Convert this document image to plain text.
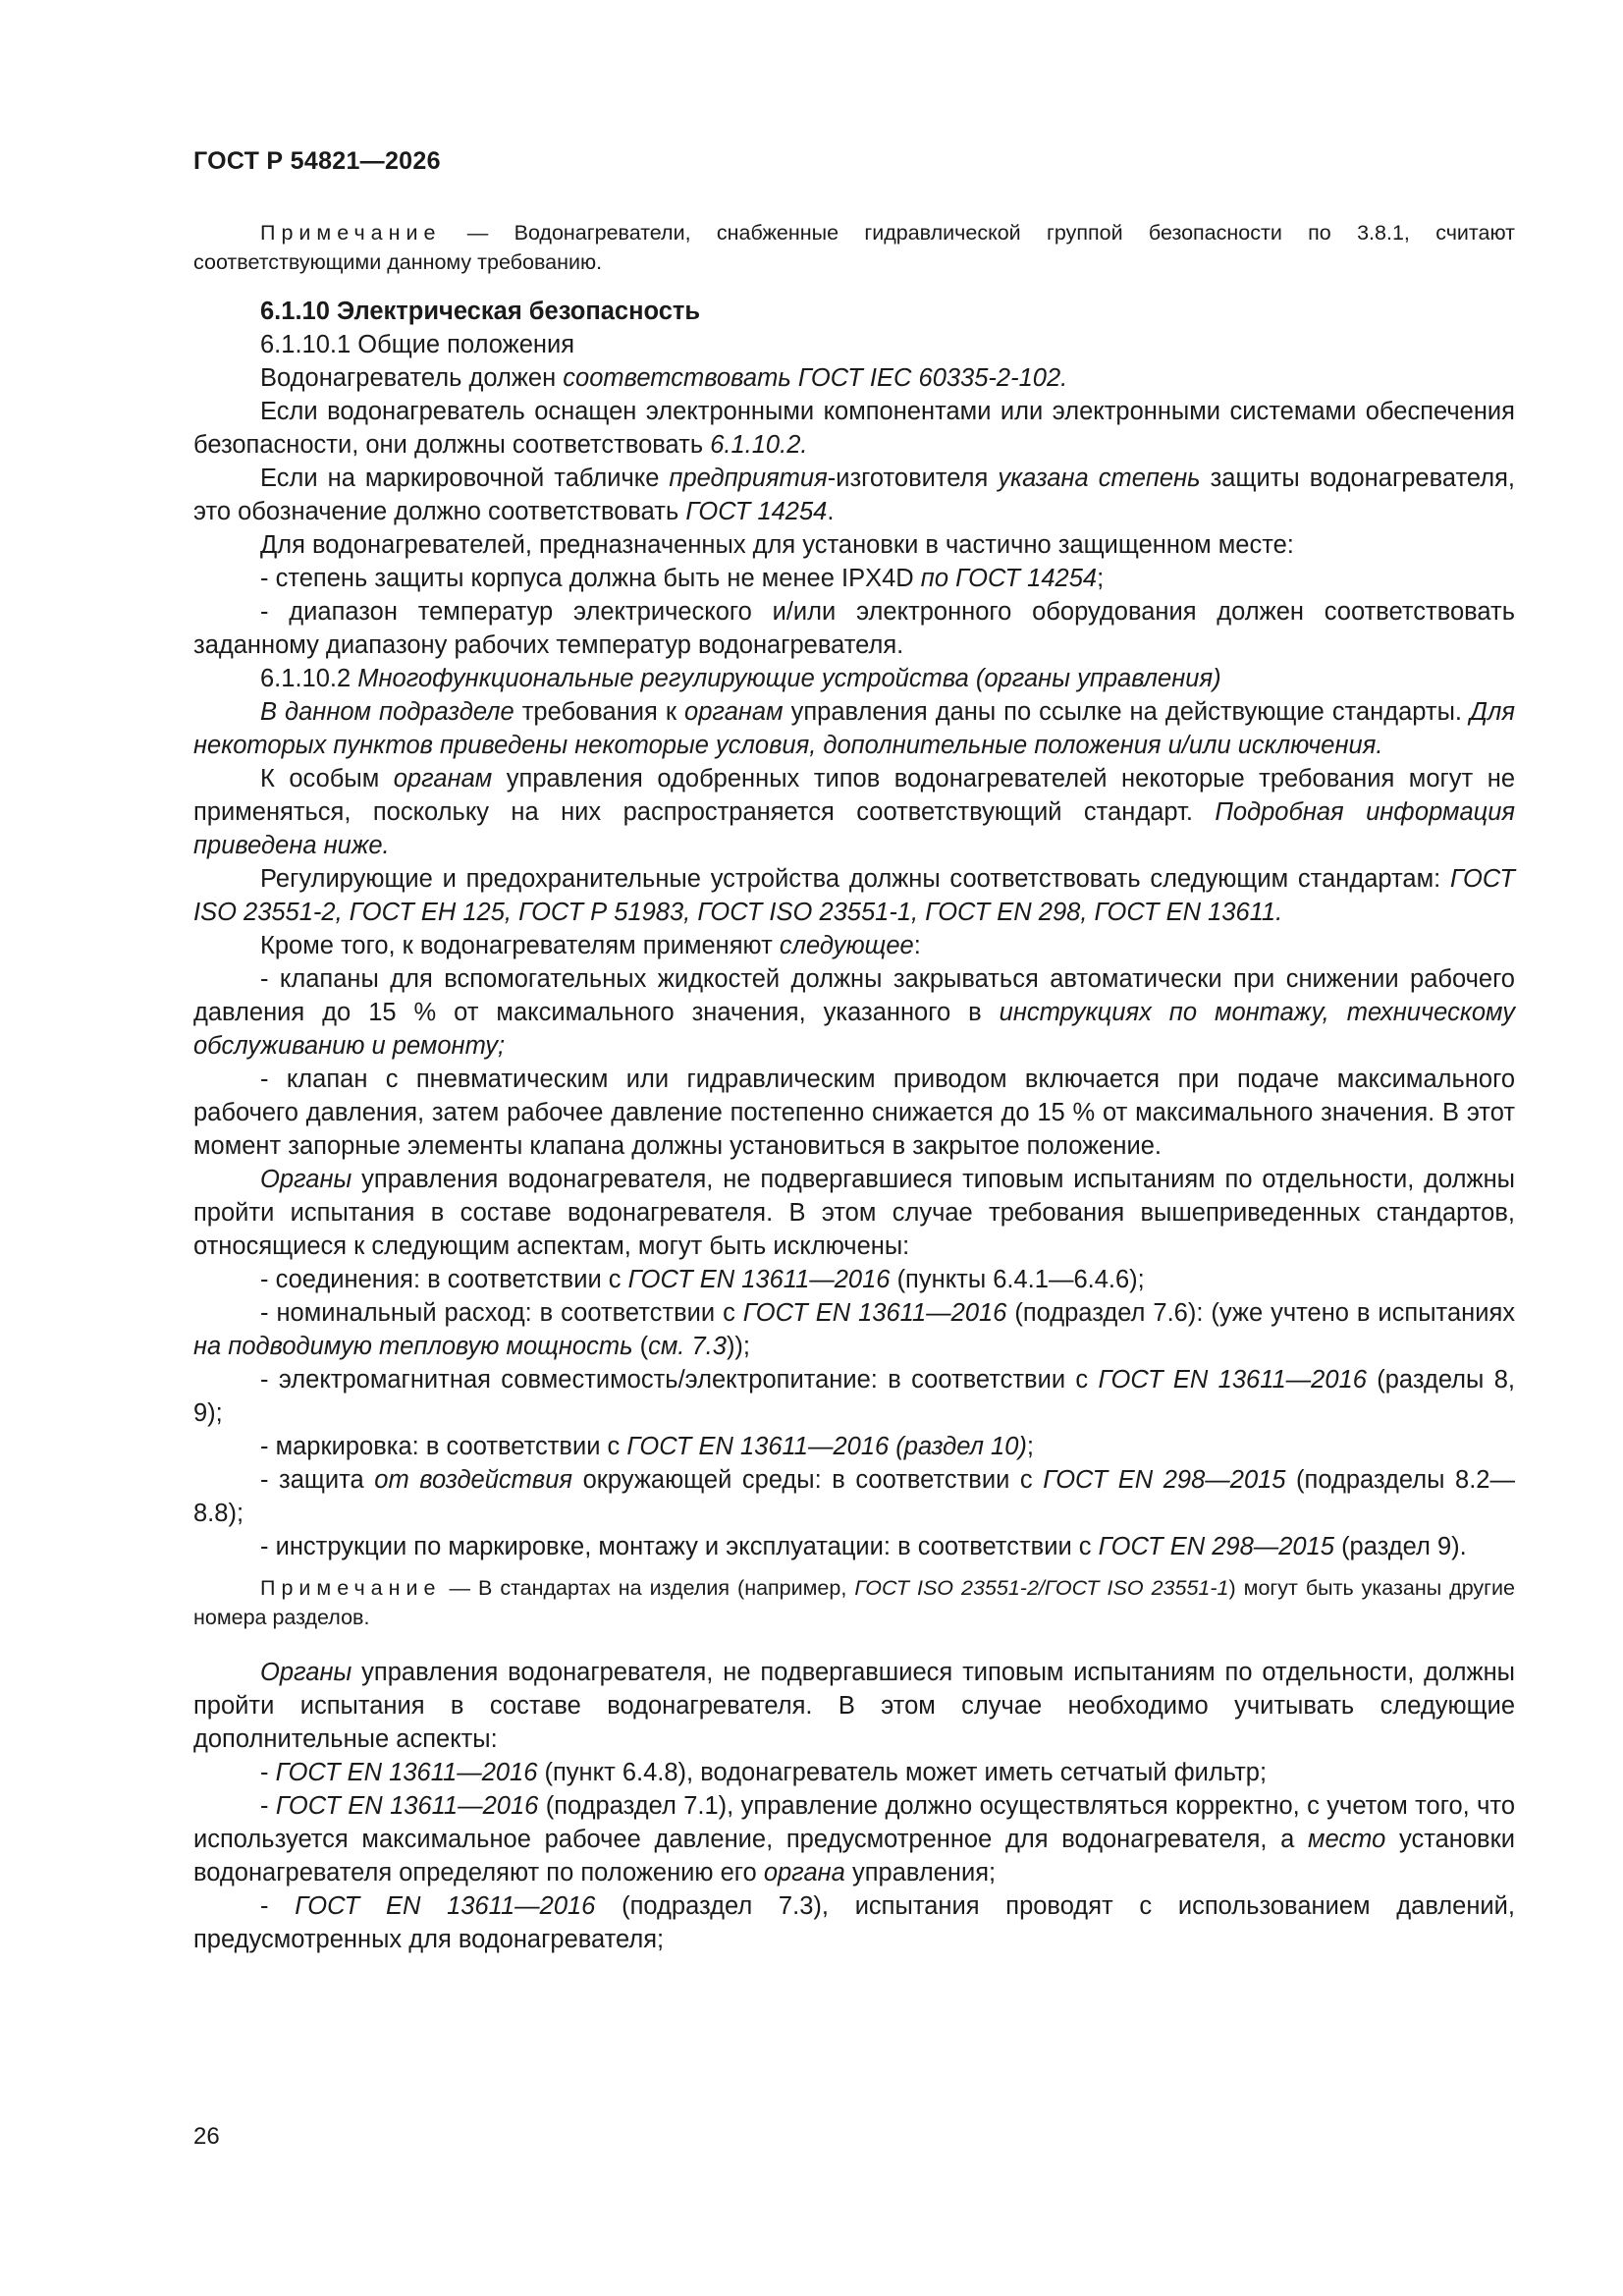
ГОСТ Р 54821—2026

Примечание — Водонагреватели, снабженные гидравлической группой безопасности по 3.8.1, считают соответствующими данному требованию.

6.1.10 Электрическая безопасность

6.1.10.1 Общие положения

Водонагреватель должен соответствовать ГОСТ IEC 60335-2-102.

Если водонагреватель оснащен электронными компонентами или электронными системами обеспечения безопасности, они должны соответствовать 6.1.10.2.

Если на маркировочной табличке предприятия-изготовителя указана степень защиты водонагревателя, это обозначение должно соответствовать ГОСТ 14254.

Для водонагревателей, предназначенных для установки в частично защищенном месте:

- степень защиты корпуса должна быть не менее IPX4D по ГОСТ 14254;

- диапазон температур электрического и/или электронного оборудования должен соответствовать заданному диапазону рабочих температур водонагревателя.

6.1.10.2 Многофункциональные регулирующие устройства (органы управления)

В данном подразделе требования к органам управления даны по ссылке на действующие стандарты. Для некоторых пунктов приведены некоторые условия, дополнительные положения и/или исключения.

К особым органам управления одобренных типов водонагревателей некоторые требования могут не применяться, поскольку на них распространяется соответствующий стандарт. Подробная информация приведена ниже.

Регулирующие и предохранительные устройства должны соответствовать следующим стандартам: ГОСТ ISO 23551-2, ГОСТ ЕН 125, ГОСТ Р 51983, ГОСТ ISO 23551-1, ГОСТ EN 298, ГОСТ EN 13611.

Кроме того, к водонагревателям применяют следующее:

- клапаны для вспомогательных жидкостей должны закрываться автоматически при снижении рабочего давления до 15 % от максимального значения, указанного в инструкциях по монтажу, техническому обслуживанию и ремонту;

- клапан с пневматическим или гидравлическим приводом включается при подаче максимального рабочего давления, затем рабочее давление постепенно снижается до 15 % от максимального значения. В этот момент запорные элементы клапана должны установиться в закрытое положение.

Органы управления водонагревателя, не подвергавшиеся типовым испытаниям по отдельности, должны пройти испытания в составе водонагревателя. В этом случае требования вышеприведенных стандартов, относящиеся к следующим аспектам, могут быть исключены:

- соединения: в соответствии с ГОСТ EN 13611—2016 (пункты 6.4.1—6.4.6);

- номинальный расход: в соответствии с ГОСТ EN 13611—2016 (подраздел 7.6): (уже учтено в испытаниях на подводимую тепловую мощность (см. 7.3));

- электромагнитная совместимость/электропитание: в соответствии с ГОСТ EN 13611—2016 (разделы 8, 9);

- маркировка: в соответствии с ГОСТ EN 13611—2016 (раздел 10);

- защита от воздействия окружающей среды: в соответствии с ГОСТ EN 298—2015 (подразделы 8.2—8.8);

- инструкции по маркировке, монтажу и эксплуатации: в соответствии с ГОСТ EN 298—2015 (раздел 9).

Примечание — В стандартах на изделия (например, ГОСТ ISO 23551-2/ГОСТ ISO 23551-1) могут быть указаны другие номера разделов.

Органы управления водонагревателя, не подвергавшиеся типовым испытаниям по отдельности, должны пройти испытания в составе водонагревателя. В этом случае необходимо учитывать следующие дополнительные аспекты:

- ГОСТ EN 13611—2016 (пункт 6.4.8), водонагреватель может иметь сетчатый фильтр;

- ГОСТ EN 13611—2016 (подраздел 7.1), управление должно осуществляться корректно, с учетом того, что используется максимальное рабочее давление, предусмотренное для водонагревателя, а место установки водонагревателя определяют по положению его органа управления;

- ГОСТ EN 13611—2016 (подраздел 7.3), испытания проводят с использованием давлений, предусмотренных для водонагревателя;

26
